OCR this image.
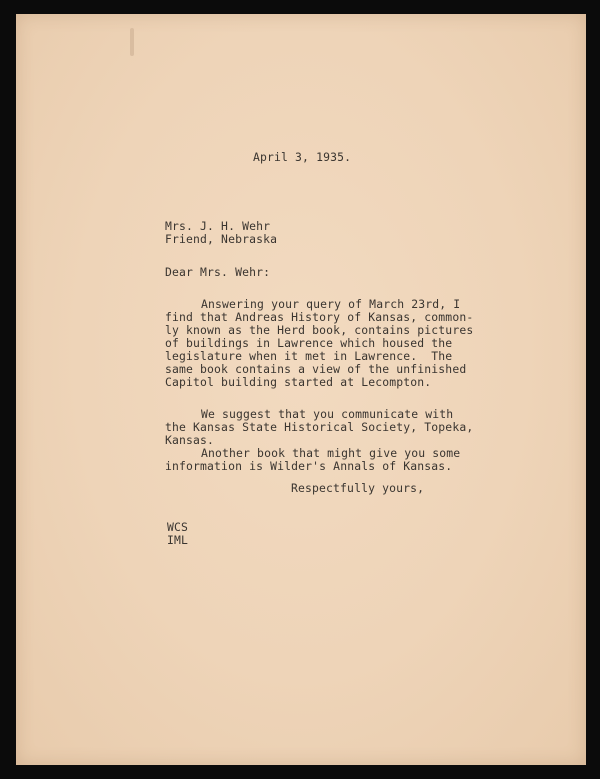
April 3, 1935.
Mrs. J. H. Wehr
Friend, Nebraska
Dear Mrs. Wehr:
Answering your query of March 23rd, I
find that Andreas History of Kansas, common-
ly known as the Herd book, contains pictures
of buildings in Lawrence which housed the
legislature when it met in Lawrence.  The
same book contains a view of the unfinished
Capitol building started at Lecompton.
We suggest that you communicate with
the Kansas State Historical Society, Topeka,
Kansas.
Another book that might give you some
information is Wilder's Annals of Kansas.
Respectfully yours,
WCS
IML
